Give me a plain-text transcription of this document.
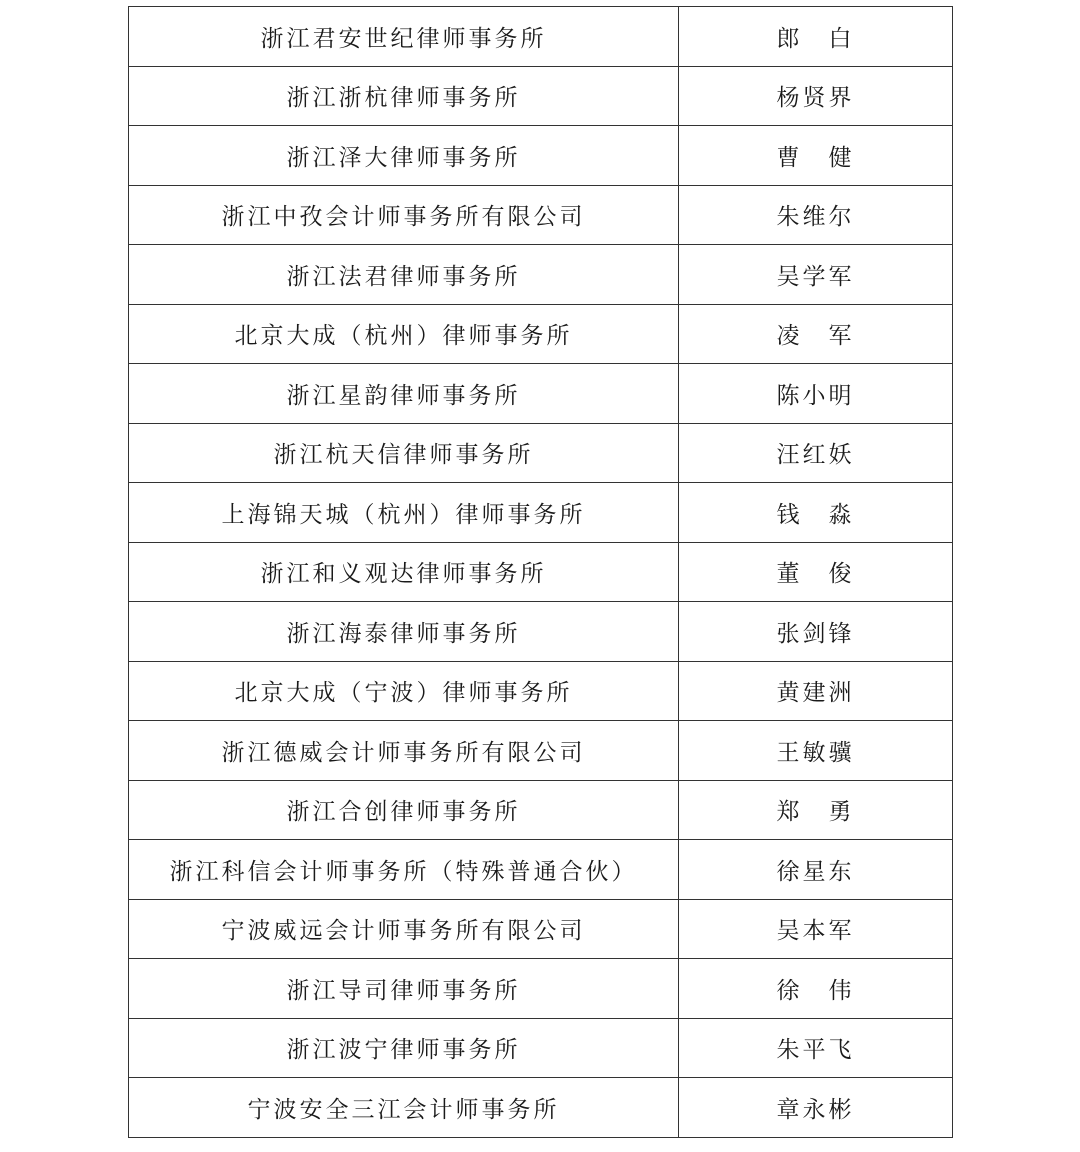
浙江君安世纪律师事务所	郎　白
浙江浙杭律师事务所	杨贤界
浙江泽大律师事务所	曹　健
浙江中孜会计师事务所有限公司	朱维尔
浙江法君律师事务所	吴学军
北京大成（杭州）律师事务所	凌　军
浙江星韵律师事务所	陈小明
浙江杭天信律师事务所	汪红妖
上海锦天城（杭州）律师事务所	钱　淼
浙江和义观达律师事务所	董　俊
浙江海泰律师事务所	张剑锋
北京大成（宁波）律师事务所	黄建洲
浙江德威会计师事务所有限公司	王敏骥
浙江合创律师事务所	郑　勇
浙江科信会计师事务所（特殊普通合伙）	徐星东
宁波威远会计师事务所有限公司	吴本军
浙江导司律师事务所	徐　伟
浙江波宁律师事务所	朱平飞
宁波安全三江会计师事务所	章永彬
